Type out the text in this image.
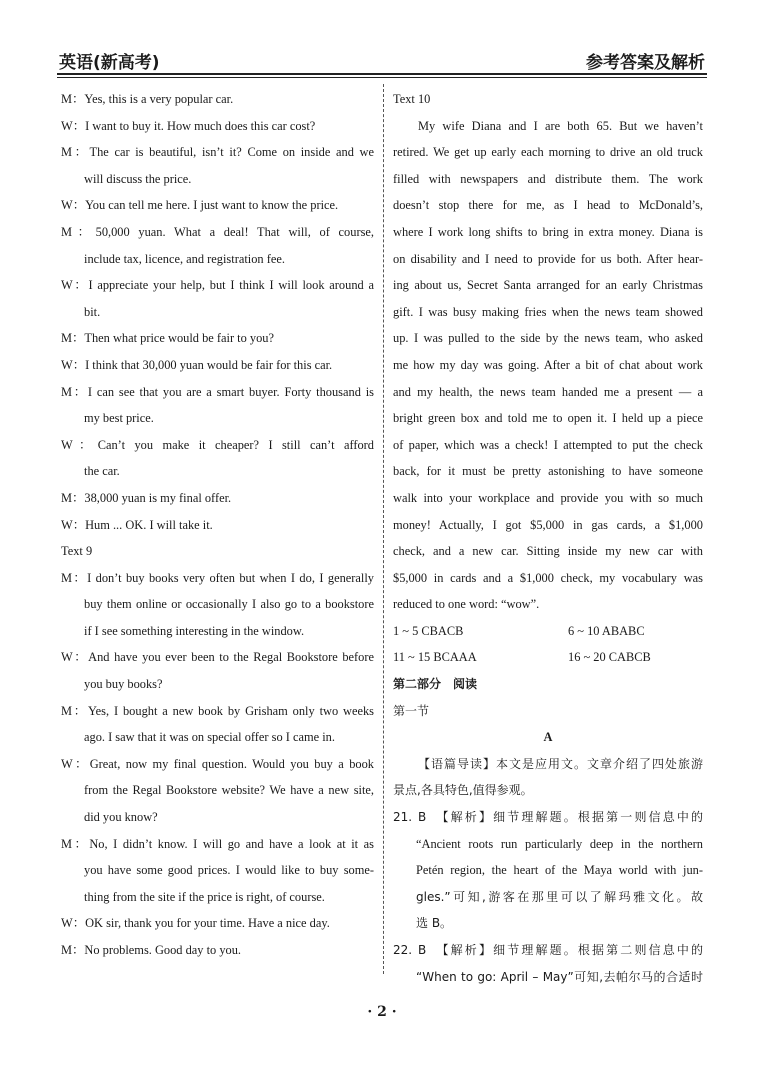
英语(新高考)	参考答案及解析
M：Yes, this is a very popular car.
W：I want to buy it. How much does this car cost?
M：The car is beautiful, isn’t it? Come on inside and we
will discuss the price.
W：You can tell me here. I just want to know the price.
M：50,000 yuan. What a deal! That will, of course,
include tax, licence, and registration fee.
W：I appreciate your help, but I think I will look around a
bit.
M：Then what price would be fair to you?
W：I think that 30,000 yuan would be fair for this car.
M：I can see that you are a smart buyer. Forty thousand is
my best price.
W：Can’t you make it cheaper? I still can’t afford
the car.
M：38,000 yuan is my final offer.
W：Hum ... OK. I will take it.
Text 9
M：I don’t buy books very often but when I do, I generally
buy them online or occasionally I also go to a bookstore
if I see something interesting in the window.
W：And have you ever been to the Regal Bookstore before
you buy books?
M：Yes, I bought a new book by Grisham only two weeks
ago. I saw that it was on special offer so I came in.
W：Great, now my final question. Would you buy a book
from the Regal Bookstore website? We have a new site,
did you know?
M：No, I didn’t know. I will go and have a look at it as
you have some good prices. I would like to buy some-
thing from the site if the price is right, of course.
W：OK sir, thank you for your time. Have a nice day.
M：No problems. Good day to you.
Text 10
My wife Diana and I are both 65. But we haven’t
retired. We get up early each morning to drive an old truck
filled with newspapers and distribute them. The work
doesn’t stop there for me, as I head to McDonald’s,
where I work long shifts to bring in extra money. Diana is
on disability and I need to provide for us both. After hear-
ing about us, Secret Santa arranged for an early Christmas
gift. I was busy making fries when the news team showed
up. I was pulled to the side by the news team, who asked
me how my day was going. After a bit of chat about work
and my health, the news team handed me a present — a
bright green box and told me to open it. I held up a piece
of paper, which was a check! I attempted to put the check
back, for it must be pretty astonishing to have someone
walk into your workplace and provide you with so much
money! Actually, I got $5,000 in gas cards, a $1,000
check, and a new car. Sitting inside my new car with
$5,000 in cards and a $1,000 check, my vocabulary was
reduced to one word: “wow”.
1 ~ 5 CBACB	6 ~ 10 ABABC
11 ~ 15 BCAAA	16 ~ 20 CABCB
第二部分　阅读
第一节
A
【语篇导读】本文是应用文。文章介绍了四处旅游
景点,各具特色,值得参观。
21. B　【解析】细节理解题。根据第一则信息中的
“Ancient roots run particularly deep in the northern
Petén region, the heart of the Maya world with jun-
gles.”可知,游客在那里可以了解玛雅文化。故
选 B。
22. B　【解析】细节理解题。根据第二则信息中的
“When to go: April – May”可知,去帕尔马的合适时
· 2 ·
